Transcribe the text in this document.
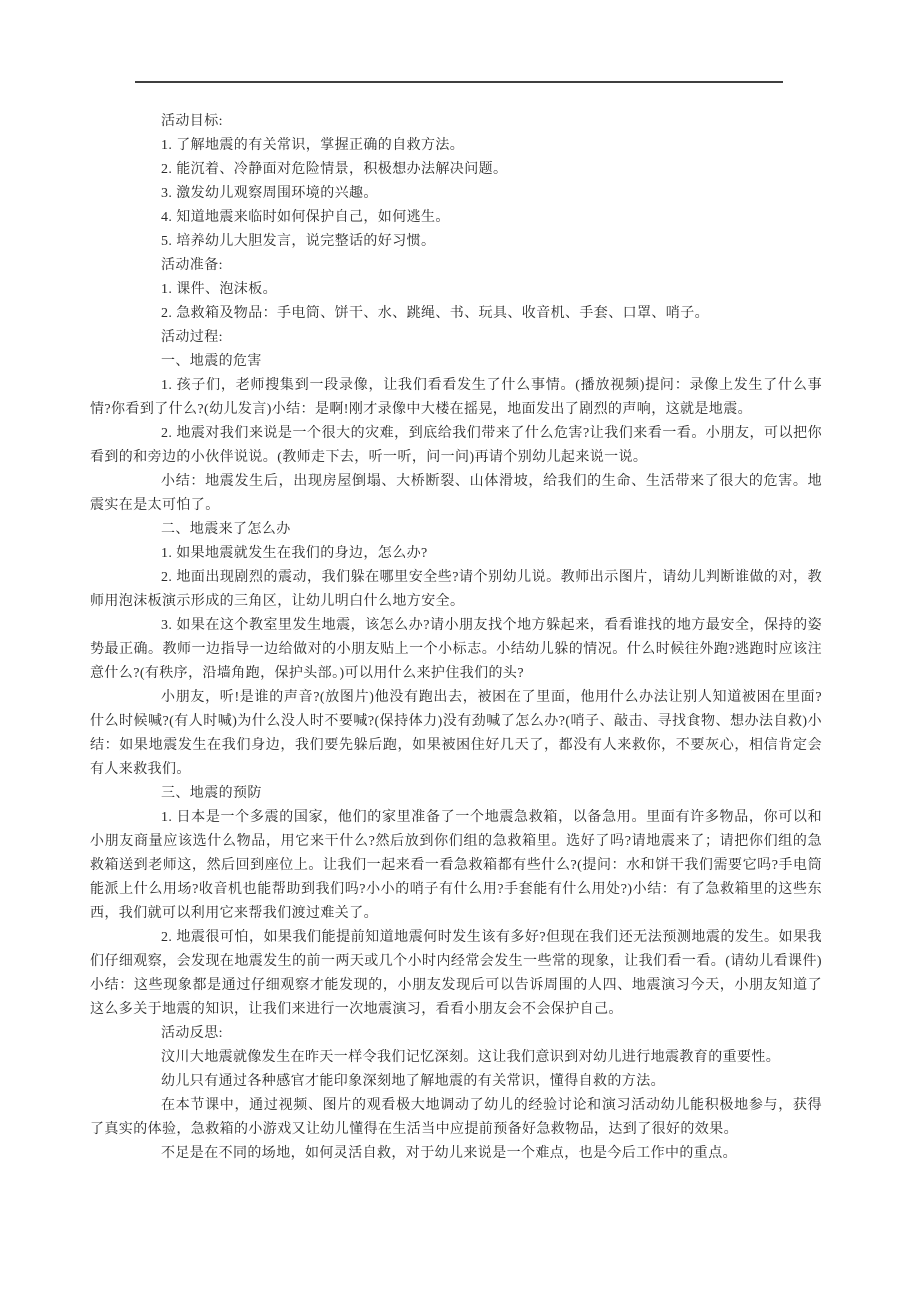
活动目标:

1. 了解地震的有关常识，掌握正确的自救方法。

2. 能沉着、冷静面对危险情景，积极想办法解决问题。

3. 激发幼儿观察周围环境的兴趣。

4. 知道地震来临时如何保护自己，如何逃生。

5. 培养幼儿大胆发言，说完整话的好习惯。

活动准备:

1. 课件、泡沫板。

2. 急救箱及物品：手电筒、饼干、水、跳绳、书、玩具、收音机、手套、口罩、哨子。

活动过程:

一、地震的危害

1. 孩子们，老师搜集到一段录像，让我们看看发生了什么事情。(播放视频)提问：录像上发生了什么事情?你看到了什么?(幼儿发言)小结：是啊!刚才录像中大楼在摇晃，地面发出了剧烈的声响，这就是地震。

2. 地震对我们来说是一个很大的灾难，到底给我们带来了什么危害?让我们来看一看。小朋友，可以把你看到的和旁边的小伙伴说说。(教师走下去，听一听，问一问)再请个别幼儿起来说一说。

小结：地震发生后，出现房屋倒塌、大桥断裂、山体滑坡，给我们的生命、生活带来了很大的危害。地震实在是太可怕了。

二、地震来了怎么办

1. 如果地震就发生在我们的身边，怎么办?

2. 地面出现剧烈的震动，我们躲在哪里安全些?请个别幼儿说。教师出示图片，请幼儿判断谁做的对，教师用泡沫板演示形成的三角区，让幼儿明白什么地方安全。

3. 如果在这个教室里发生地震，该怎么办?请小朋友找个地方躲起来，看看谁找的地方最安全，保持的姿势最正确。教师一边指导一边给做对的小朋友贴上一个小标志。小结幼儿躲的情况。什么时候往外跑?逃跑时应该注意什么?(有秩序，沿墙角跑，保护头部。)可以用什么来护住我们的头?

小朋友，听!是谁的声音?(放图片)他没有跑出去，被困在了里面，他用什么办法让别人知道被困在里面?什么时候喊?(有人时喊)为什么没人时不要喊?(保持体力)没有劲喊了怎么办?(哨子、敲击、寻找食物、想办法自救)小结：如果地震发生在我们身边，我们要先躲后跑，如果被困住好几天了，都没有人来救你，不要灰心，相信肯定会有人来救我们。

三、地震的预防

1. 日本是一个多震的国家，他们的家里准备了一个地震急救箱，以备急用。里面有许多物品，你可以和小朋友商量应该选什么物品，用它来干什么?然后放到你们组的急救箱里。选好了吗?请地震来了；请把你们组的急救箱送到老师这，然后回到座位上。让我们一起来看一看急救箱都有些什么?(提问：水和饼干我们需要它吗?手电筒能派上什么用场?收音机也能帮助到我们吗?小小的哨子有什么用?手套能有什么用处?)小结：有了急救箱里的这些东西，我们就可以利用它来帮我们渡过难关了。

2. 地震很可怕，如果我们能提前知道地震何时发生该有多好?但现在我们还无法预测地震的发生。如果我们仔细观察，会发现在地震发生的前一两天或几个小时内经常会发生一些常的现象，让我们看一看。(请幼儿看课件)小结：这些现象都是通过仔细观察才能发现的，小朋友发现后可以告诉周围的人四、地震演习今天，小朋友知道了这么多关于地震的知识，让我们来进行一次地震演习，看看小朋友会不会保护自己。

活动反思:

汶川大地震就像发生在昨天一样令我们记忆深刻。这让我们意识到对幼儿进行地震教育的重要性。

幼儿只有通过各种感官才能印象深刻地了解地震的有关常识，懂得自救的方法。

在本节课中，通过视频、图片的观看极大地调动了幼儿的经验讨论和演习活动幼儿能积极地参与，获得了真实的体验，急救箱的小游戏又让幼儿懂得在生活当中应提前预备好急救物品，达到了很好的效果。

不足是在不同的场地，如何灵活自救，对于幼儿来说是一个难点，也是今后工作中的重点。
